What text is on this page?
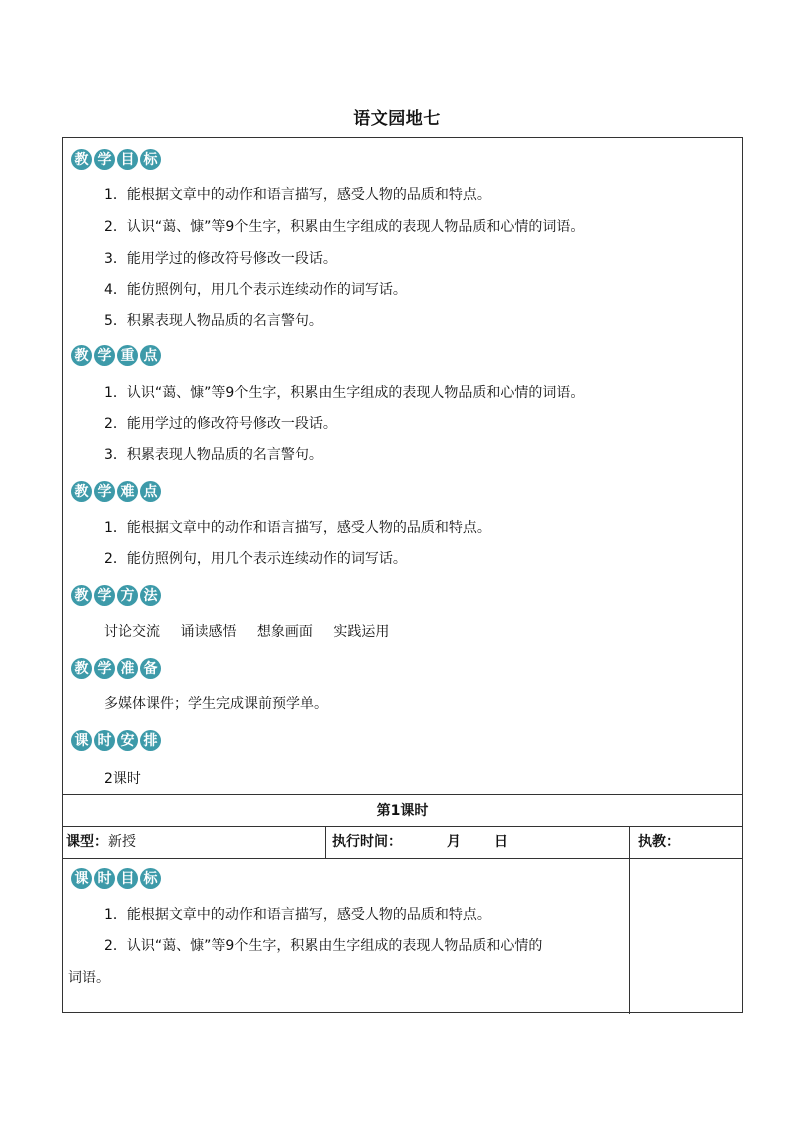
语文园地七
教 学 目 标
1．能根据文章中的动作和语言描写，感受人物的品质和特点。
2．认识“蔼、慷”等9个生字，积累由生字组成的表现人物品质和心情的词语。
3．能用学过的修改符号修改一段话。
4．能仿照例句，用几个表示连续动作的词写话。
5．积累表现人物品质的名言警句。
教 学 重 点
1．认识“蔼、慷”等9个生字，积累由生字组成的表现人物品质和心情的词语。
2．能用学过的修改符号修改一段话。
3．积累表现人物品质的名言警句。
教 学 难 点
1．能根据文章中的动作和语言描写，感受人物的品质和特点。
2．能仿照例句，用几个表示连续动作的词写话。
教 学 方 法
讨论交流 诵读感悟 想象画面 实践运用
教 学 准 备
多媒体课件；学生完成课前预学单。
课 时 安 排
2课时
第1课时
课型：新授	执行时间：	月 日	执教：
课 时 目 标
1．能根据文章中的动作和语言描写，感受人物的品质和特点。
2．认识“蔼、慷”等9个生字，积累由生字组成的表现人物品质和心情的
词语。
